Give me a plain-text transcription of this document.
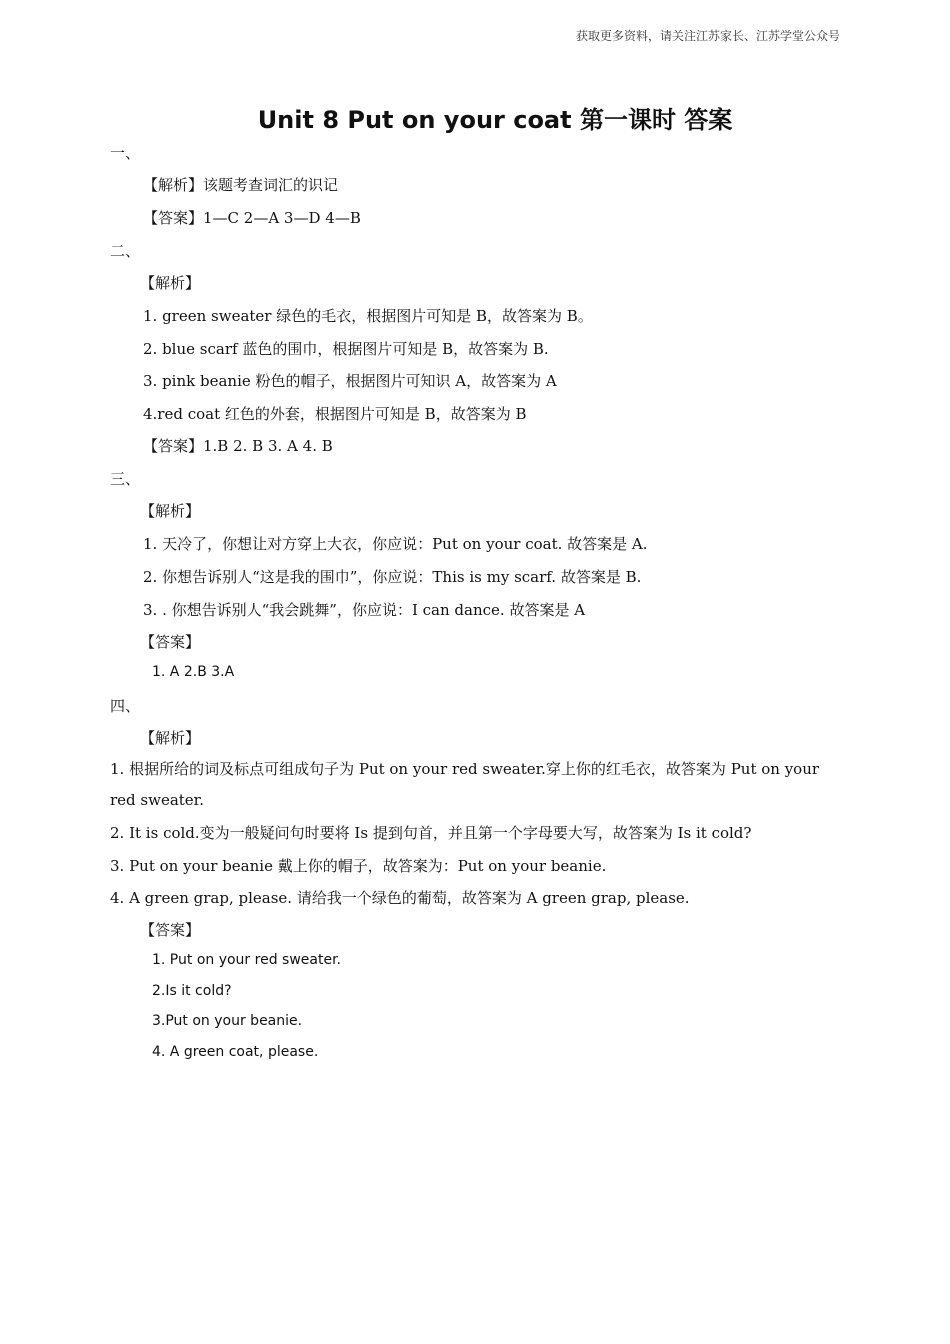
获取更多资料，请关注江苏家长、江苏学堂公众号
Unit 8 Put on your coat 第一课时 答案
一、
【解析】该题考查词汇的识记
【答案】1—C 2—A 3—D 4—B
二、
【解析】
1. green sweater 绿色的毛衣，根据图片可知是 B，故答案为 B。
2. blue scarf 蓝色的围巾，根据图片可知是 B，故答案为 B.
3. pink beanie 粉色的帽子，根据图片可知识 A，故答案为 A
4.red coat 红色的外套，根据图片可知是 B，故答案为 B
【答案】1.B 2. B 3. A 4. B
三、
【解析】
1. 天冷了，你想让对方穿上大衣，你应说：Put on your coat. 故答案是 A.
2. 你想告诉别人“这是我的围巾”，你应说：This is my scarf. 故答案是 B.
3. . 你想告诉别人“我会跳舞”，你应说：I can dance. 故答案是 A
【答案】
1. A 2.B 3.A
四、
【解析】
1. 根据所给的词及标点可组成句子为 Put on your red sweater.穿上你的红毛衣，故答案为 Put on your red sweater.
2. It is cold.变为一般疑问句时要将 Is 提到句首，并且第一个字母要大写，故答案为 Is it cold?
3. Put on your beanie 戴上你的帽子，故答案为：Put on your beanie.
4. A green grap, please. 请给我一个绿色的葡萄，故答案为 A green grap, please.
【答案】
1. Put on your red sweater.
2.Is it cold?
3.Put on your beanie.
4. A green coat, please.
